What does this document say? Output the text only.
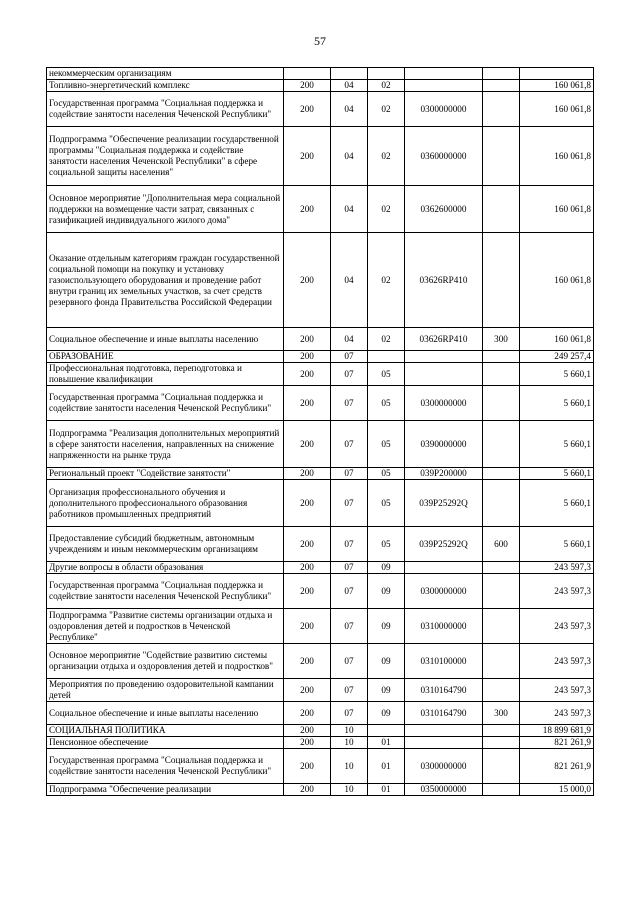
57
некоммерческим организациям						
Топливно-энергетический комплекс	200	04	02			160 061,8
Государственная программа "Социальная поддержка и содействие занятости населения Чеченской Республики"	200	04	02	0300000000		160 061,8
Подпрограмма "Обеспечение реализации государственной программы "Социальная поддержка и содействие занятости населения Чеченской Республики" в сфере социальной защиты населения"	200	04	02	0360000000		160 061,8
Основное мероприятие "Дополнительная мера социальной поддержки на возмещение части затрат, связанных с газификацией индивидуального жилого дома"	200	04	02	0362600000		160 061,8
Оказание отдельным категориям граждан государственной социальной помощи на покупку и установку газоиспользующего оборудования и проведение работ внутри границ их земельных участков, за счет средств резервного фонда Правительства Российской Федерации	200	04	02	03626RP410		160 061,8
Социальное обеспечение и иные выплаты населению	200	04	02	03626RP410	300	160 061,8
ОБРАЗОВАНИЕ	200	07				249 257,4
Профессиональная подготовка, переподготовка и повышение квалификации	200	07	05			5 660,1
Государственная программа "Социальная поддержка и содействие занятости населения Чеченской Республики"	200	07	05	0300000000		5 660,1
Подпрограмма "Реализация дополнительных мероприятий в сфере занятости населения, направленных на снижение напряженности на рынке труда	200	07	05	0390000000		5 660,1
Региональный проект "Содействие занятости"	200	07	05	039P200000		5 660,1
Организация профессионального обучения и дополнительного профессионального образования работников промышленных предприятий	200	07	05	039P25292Q		5 660,1
Предоставление субсидий бюджетным, автономным учреждениям и иным некоммерческим организациям	200	07	05	039P25292Q	600	5 660,1
Другие вопросы в области образования	200	07	09			243 597,3
Государственная программа "Социальная поддержка и содействие занятости населения Чеченской Республики"	200	07	09	0300000000		243 597,3
Подпрограмма "Развитие системы организации отдыха и оздоровления детей и подростков в Чеченской Республике"	200	07	09	0310000000		243 597,3
Основное мероприятие "Содействие развитию системы организации отдыха и оздоровления детей и подростков"	200	07	09	0310100000		243 597,3
Мероприятия по проведению оздоровительной кампании детей	200	07	09	0310164790		243 597,3
Социальное обеспечение и иные выплаты населению	200	07	09	0310164790	300	243 597,3
СОЦИАЛЬНАЯ ПОЛИТИКА	200	10				18 899 681,9
Пенсионное обеспечение	200	10	01			821 261,9
Государственная программа "Социальная поддержка и содействие занятости населения Чеченской Республики"	200	10	01	0300000000		821 261,9
Подпрограмма "Обеспечение реализации	200	10	01	0350000000		15 000,0
